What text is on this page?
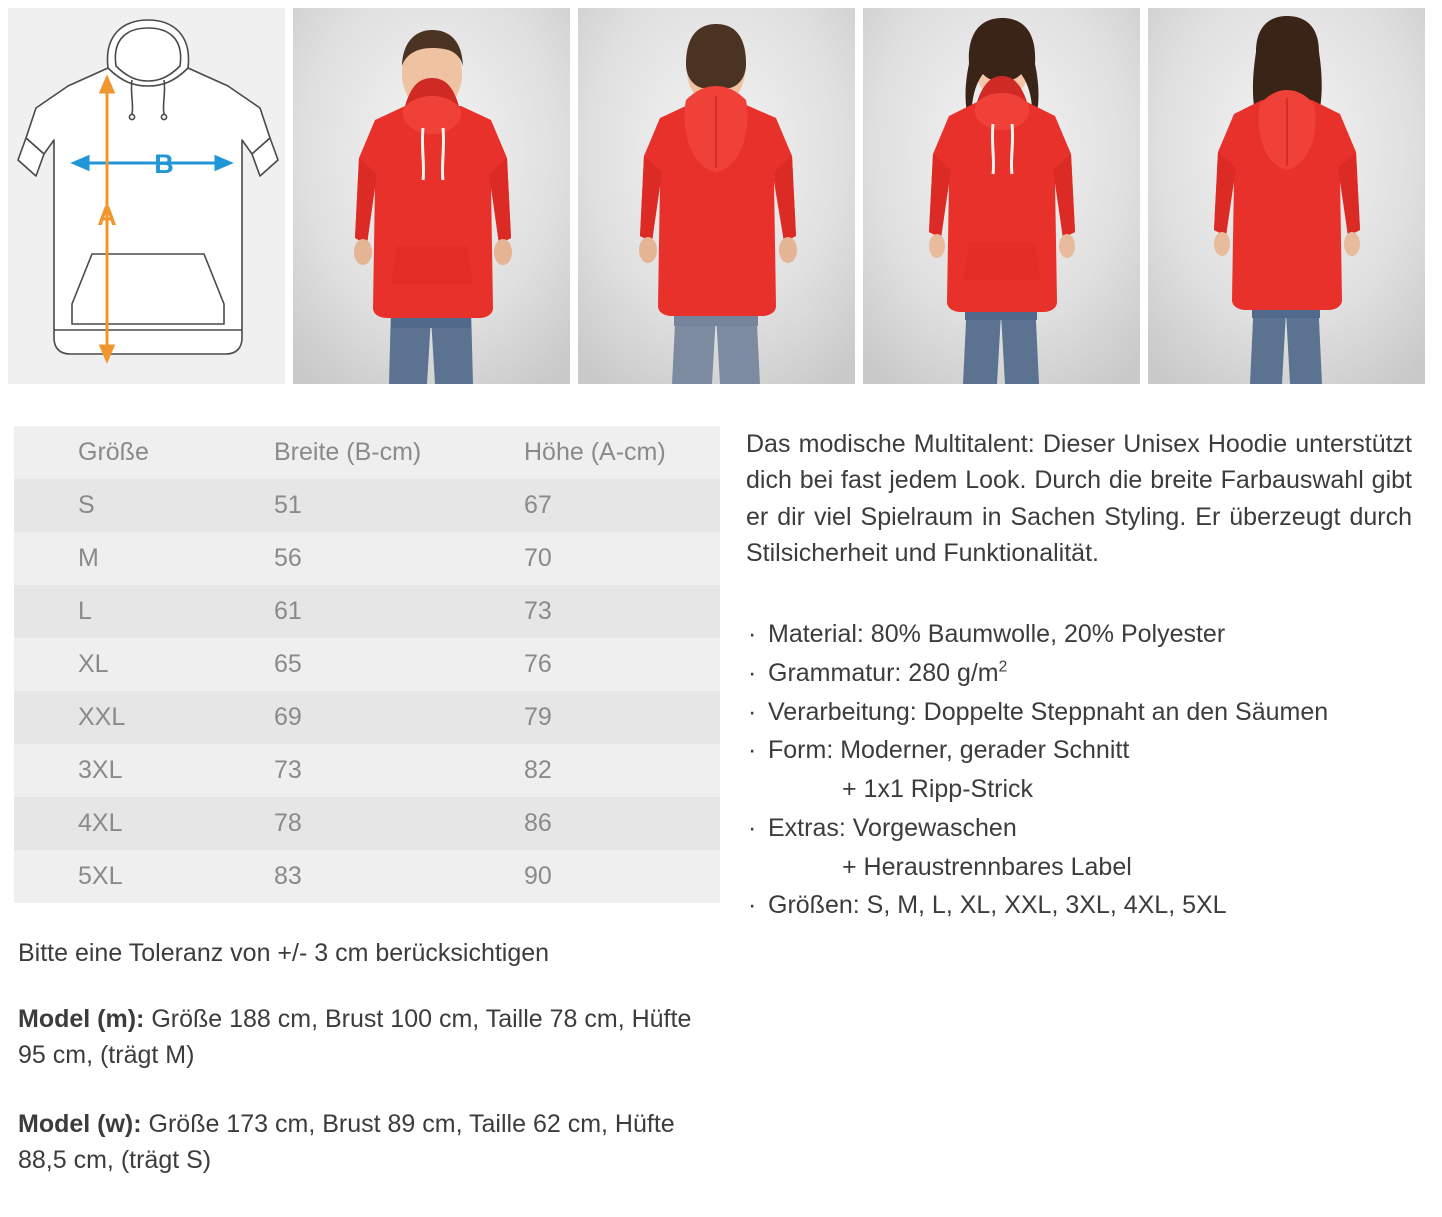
B
A
Größe	Breite (B-cm)	Höhe (A-cm)
S	51	67
M	56	70
L	61	73
XL	65	76
XXL	69	79
3XL	73	82
4XL	78	86
5XL	83	90

Bitte eine Toleranz von +/- 3 cm berücksichtigen

Model (m): Größe 188 cm, Brust 100 cm, Taille 78 cm, Hüfte 95 cm, (trägt M)

Model (w): Größe 173 cm, Brust 89 cm, Taille 62 cm, Hüfte 88,5 cm, (trägt S)

Das modische Multitalent: Dieser Unisex Hoodie unterstützt dich bei fast jedem Look. Durch die breite Farbauswahl gibt er dir viel Spielraum in Sachen Styling. Er überzeugt durch Stilsicherheit und Funktionalität.

· Material: 80% Baumwolle, 20% Polyester
· Grammatur: 280 $g/m^2$
· Verarbeitung: Doppelte Steppnaht an den Säumen
· Form: Moderner, gerader Schnitt
+ 1x1 Ripp-Strick
· Extras: Vorgewaschen
+ Heraustrennbares Label
· Größen: S, M, L, XL, XXL, 3XL, 4XL, 5XL
